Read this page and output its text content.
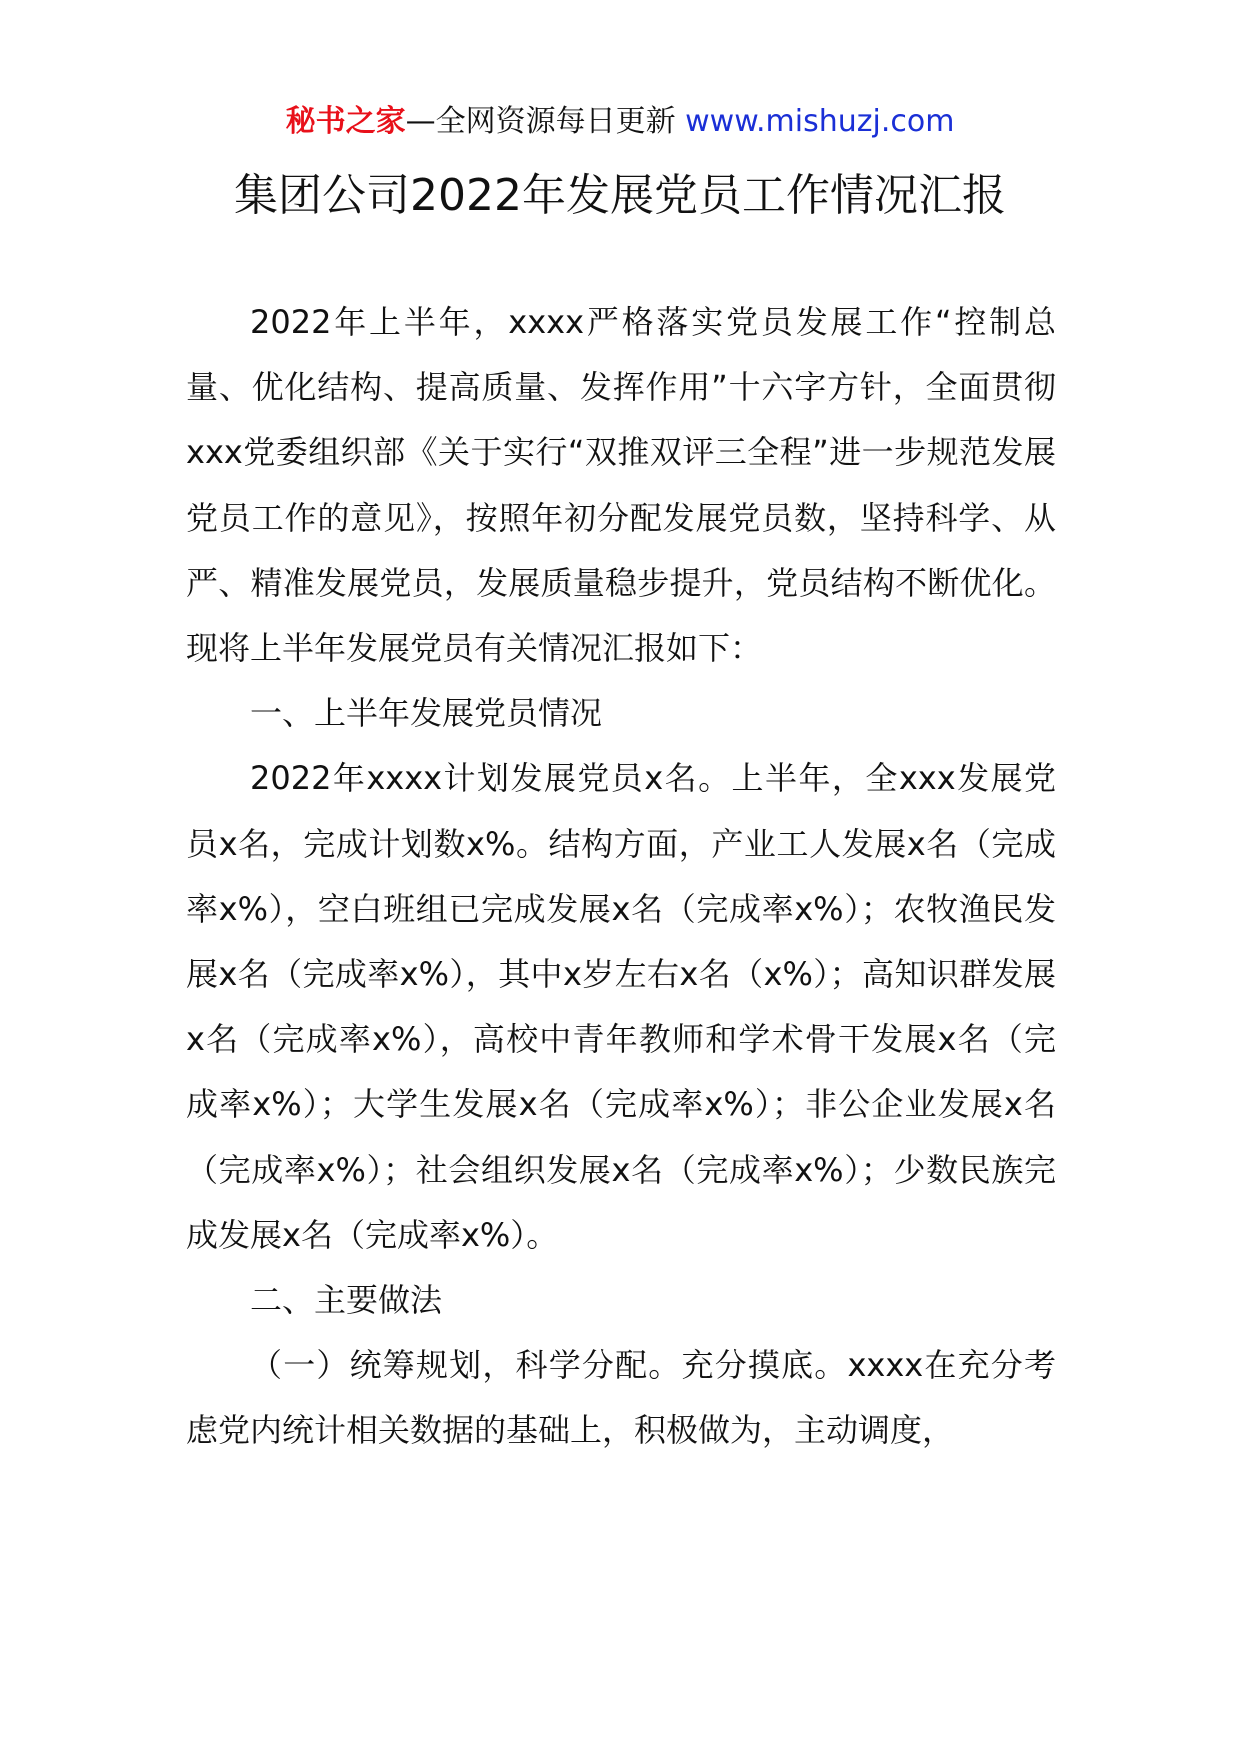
秘书之家—全网资源每日更新 www.mishuzj.com
集团公司2022年发展党员工作情况汇报

2022年上半年，xxxx严格落实党员发展工作“控制总量、优化结构、提高质量、发挥作用”十六字方针，全面贯彻xxx党委组织部《关于实行“双推双评三全程”进一步规范发展党员工作的意见》，按照年初分配发展党员数，坚持科学、从严、精准发展党员，发展质量稳步提升，党员结构不断优化。现将上半年发展党员有关情况汇报如下：

一、上半年发展党员情况

2022年xxxx计划发展党员x名。上半年，全xxx发展党员x名，完成计划数x%。结构方面，产业工人发展x名（完成率x%），空白班组已完成发展x名（完成率x%）；农牧渔民发展x名（完成率x%），其中x岁左右x名（x%）；高知识群发展x名（完成率x%），高校中青年教师和学术骨干发展x名（完成率x%）；大学生发展x名（完成率x%）；非公企业发展x名（完成率x%）；社会组织发展x名（完成率x%）；少数民族完成发展x名（完成率x%）。

二、主要做法

（一）统筹规划，科学分配。充分摸底。xxxx在充分考虑党内统计相关数据的基础上，积极做为，主动调度，
